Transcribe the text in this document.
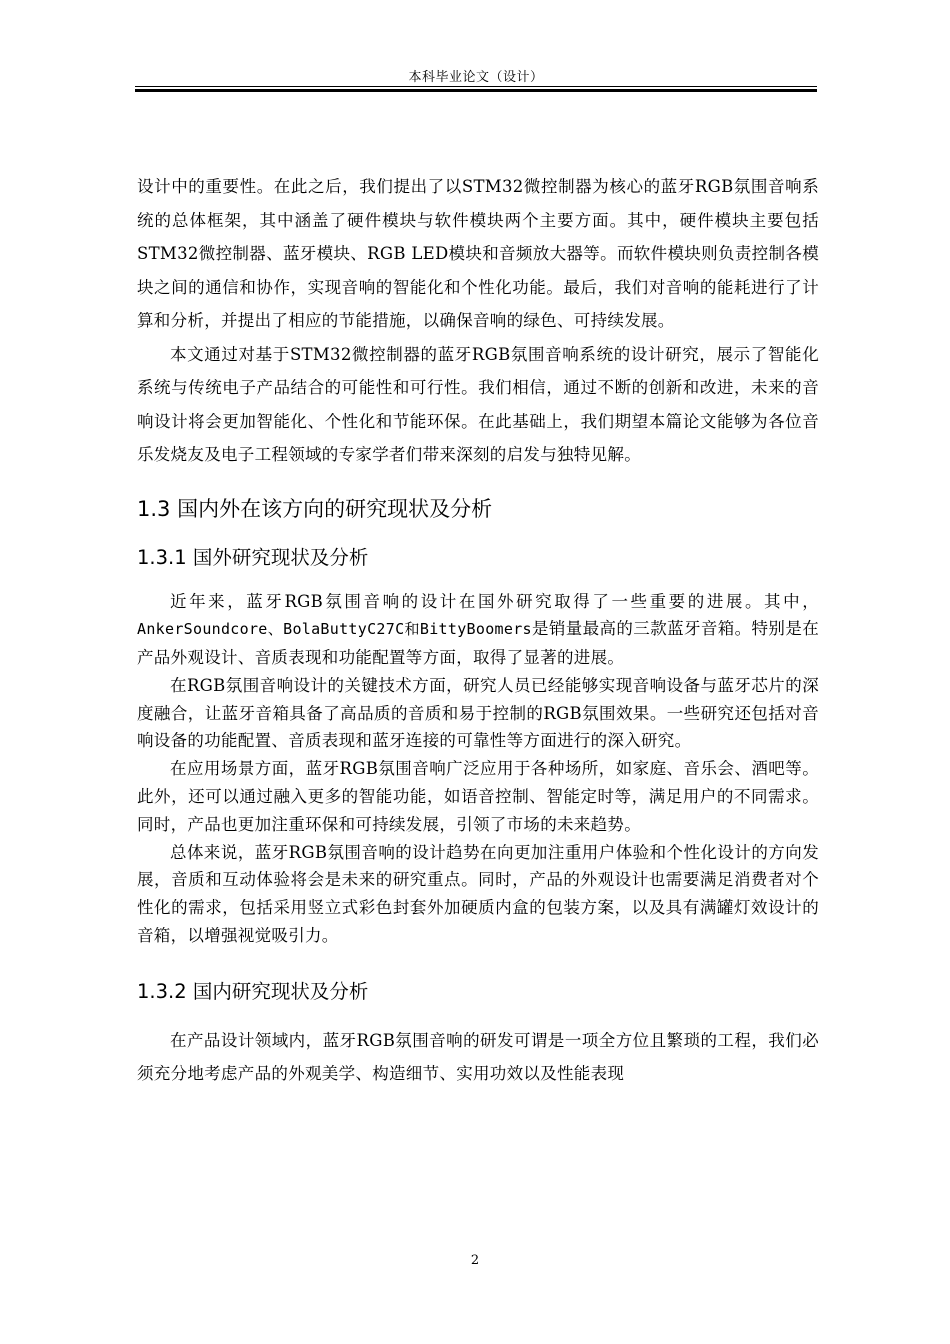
本科毕业论文（设计）

设计中的重要性。在此之后，我们提出了以STM32微控制器为核心的蓝牙RGB氛围音响系统的总体框架，其中涵盖了硬件模块与软件模块两个主要方面。其中，硬件模块主要包括STM32微控制器、蓝牙模块、RGB LED模块和音频放大器等。而软件模块则负责控制各模块之间的通信和协作，实现音响的智能化和个性化功能。最后，我们对音响的能耗进行了计算和分析，并提出了相应的节能措施，以确保音响的绿色、可持续发展。

本文通过对基于STM32微控制器的蓝牙RGB氛围音响系统的设计研究，展示了智能化系统与传统电子产品结合的可能性和可行性。我们相信，通过不断的创新和改进，未来的音响设计将会更加智能化、个性化和节能环保。在此基础上，我们期望本篇论文能够为各位音乐发烧友及电子工程领域的专家学者们带来深刻的启发与独特见解。

1.3 国内外在该方向的研究现状及分析
1.3.1 国外研究现状及分析

近年来，蓝牙RGB氛围音响的设计在国外研究取得了一些重要的进展。其中，AnkerSoundcore、BolaButtyC27C和BittyBoomers是销量最高的三款蓝牙音箱。特别是在产品外观设计、音质表现和功能配置等方面，取得了显著的进展。

在RGB氛围音响设计的关键技术方面，研究人员已经能够实现音响设备与蓝牙芯片的深度融合，让蓝牙音箱具备了高品质的音质和易于控制的RGB氛围效果。一些研究还包括对音响设备的功能配置、音质表现和蓝牙连接的可靠性等方面进行的深入研究。

在应用场景方面，蓝牙RGB氛围音响广泛应用于各种场所，如家庭、音乐会、酒吧等。此外，还可以通过融入更多的智能功能，如语音控制、智能定时等，满足用户的不同需求。同时，产品也更加注重环保和可持续发展，引领了市场的未来趋势。

总体来说，蓝牙RGB氛围音响的设计趋势在向更加注重用户体验和个性化设计的方向发展，音质和互动体验将会是未来的研究重点。同时，产品的外观设计也需要满足消费者对个性化的需求，包括采用竖立式彩色封套外加硬质内盒的包装方案，以及具有满罐灯效设计的音箱，以增强视觉吸引力。

1.3.2 国内研究现状及分析

在产品设计领域内，蓝牙RGB氛围音响的研发可谓是一项全方位且繁琐的工程，我们必须充分地考虑产品的外观美学、构造细节、实用功效以及性能表现

2
